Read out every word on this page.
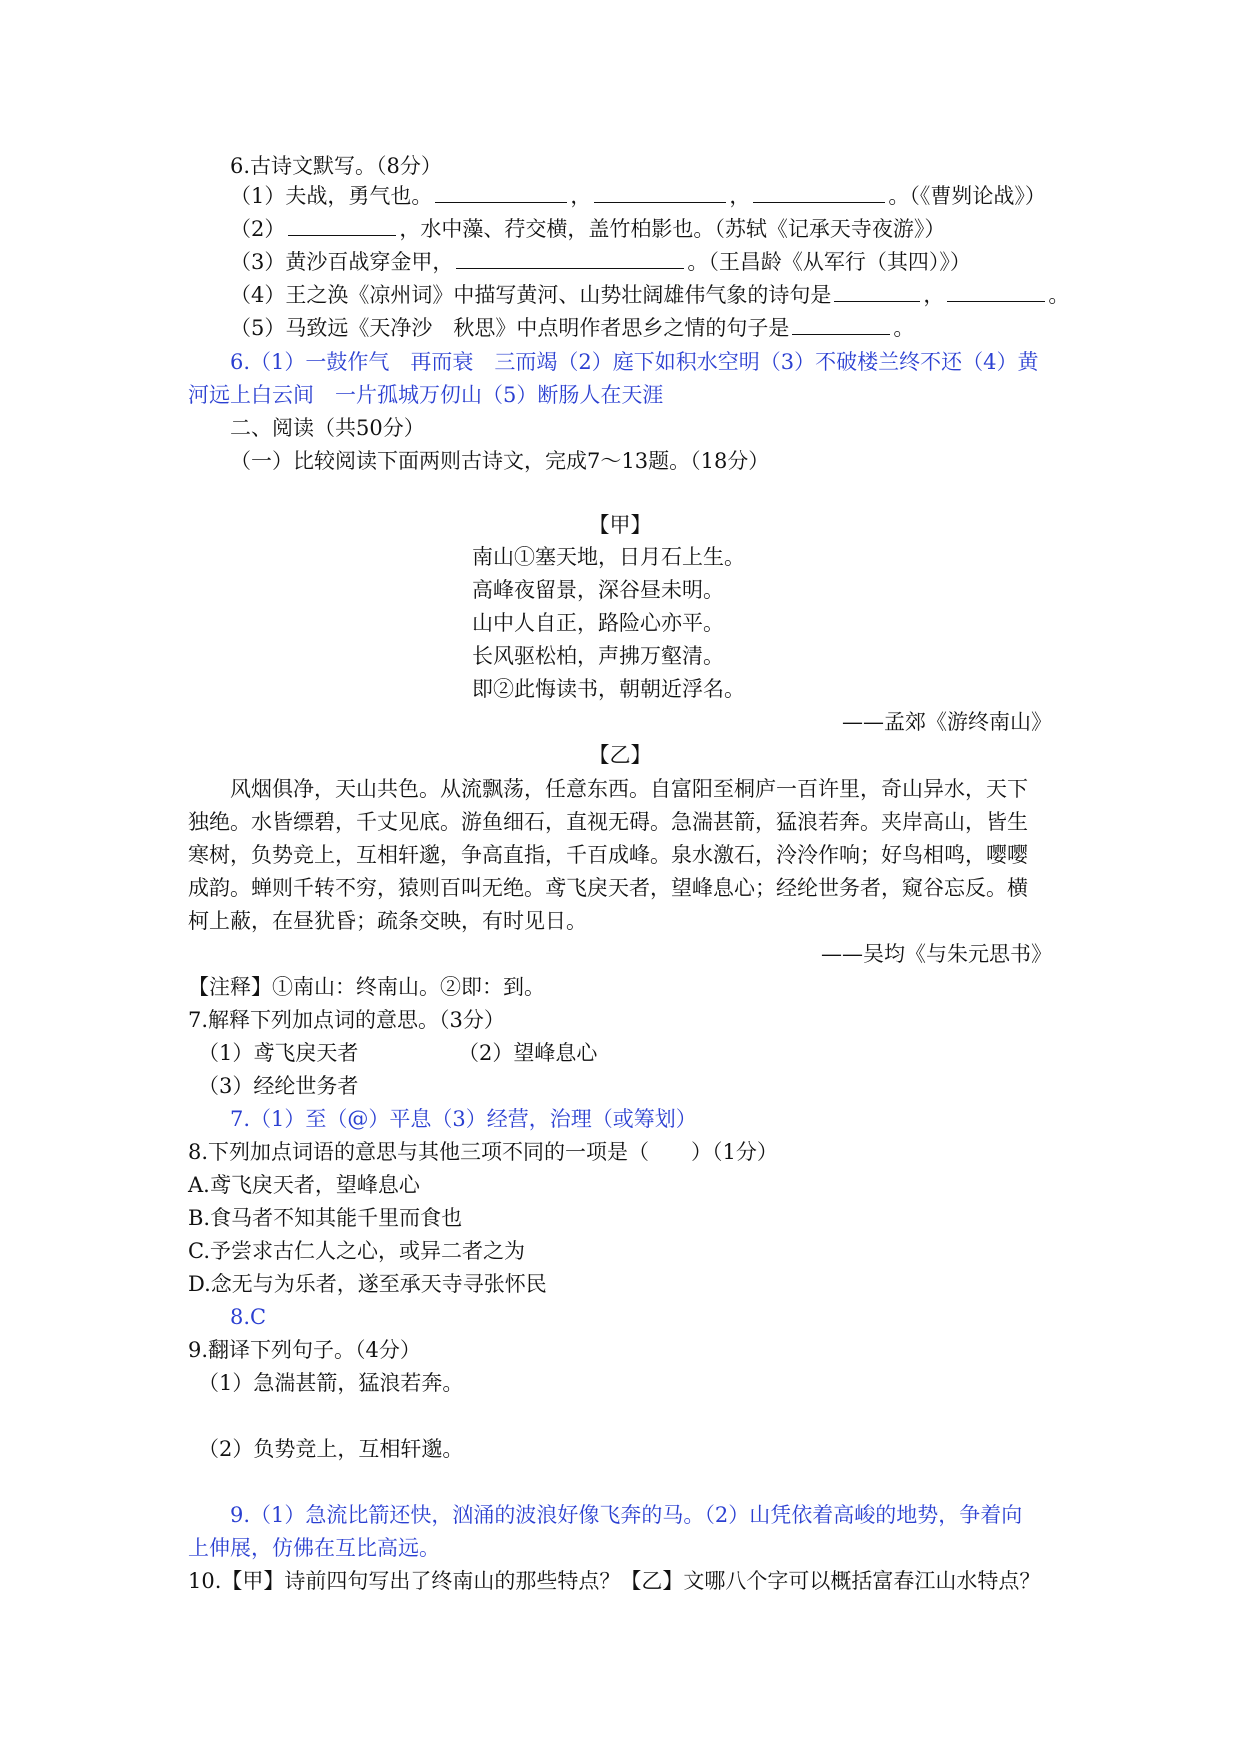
6.古诗文默写。（8分）
（1）夫战，勇气也。	，	，	。（《曹刿论战》）
（2）	，水中藻、荇交横，盖竹柏影也。（苏轼《记承天寺夜游》）
（3）黄沙百战穿金甲，	。（王昌龄《从军行（其四）》）
（4）王之涣《凉州词》中描写黄河、山势壮阔雄伟气象的诗句是	，	。
（5）马致远《天净沙　秋思》中点明作者思乡之情的句子是	。
6.（1）一鼓作气　再而衰　三而竭（2）庭下如积水空明（3）不破楼兰终不还（4）黄
河远上白云间　一片孤城万仞山（5）断肠人在天涯
二、阅读（共50分）
（一）比较阅读下面两则古诗文，完成7～13题。（18分）
【甲】
南山①塞天地，日月石上生。
高峰夜留景，深谷昼未明。
山中人自正，路险心亦平。
长风驱松柏，声拂万壑清。
即②此悔读书，朝朝近浮名。
——孟郊《游终南山》
【乙】
风烟俱净，天山共色。从流飘荡，任意东西。自富阳至桐庐一百许里，奇山异水，天下
独绝。水皆缥碧，千丈见底。游鱼细石，直视无碍。急湍甚箭，猛浪若奔。夹岸高山，皆生
寒树，负势竞上，互相轩邈，争高直指，千百成峰。泉水激石，泠泠作响；好鸟相鸣，嘤嘤
成韵。蝉则千转不穷，猿则百叫无绝。鸢飞戾天者，望峰息心；经纶世务者，窥谷忘反。横
柯上蔽，在昼犹昏；疏条交映，有时见日。
——吴均《与朱元思书》
【注释】①南山：终南山。②即：到。
7.解释下列加点词的意思。（3分）
（1）鸢飞戾天者	（2）望峰息心
（3）经纶世务者
7.（1）至（@）平息（3）经营，治理（或筹划）
8.下列加点词语的意思与其他三项不同的一项是（　　）（1分）
A.鸢飞戾天者，望峰息心
B.食马者不知其能千里而食也
C.予尝求古仁人之心，或异二者之为
D.念无与为乐者，遂至承天寺寻张怀民
8.C
9.翻译下列句子。（4分）
（1）急湍甚箭，猛浪若奔。
（2）负势竞上，互相轩邈。
9.（1）急流比箭还快，汹涌的波浪好像飞奔的马。（2）山凭依着高峻的地势，争着向
上伸展，仿佛在互比高远。
10.【甲】诗前四句写出了终南山的那些特点？【乙】文哪八个字可以概括富春江山水特点？
